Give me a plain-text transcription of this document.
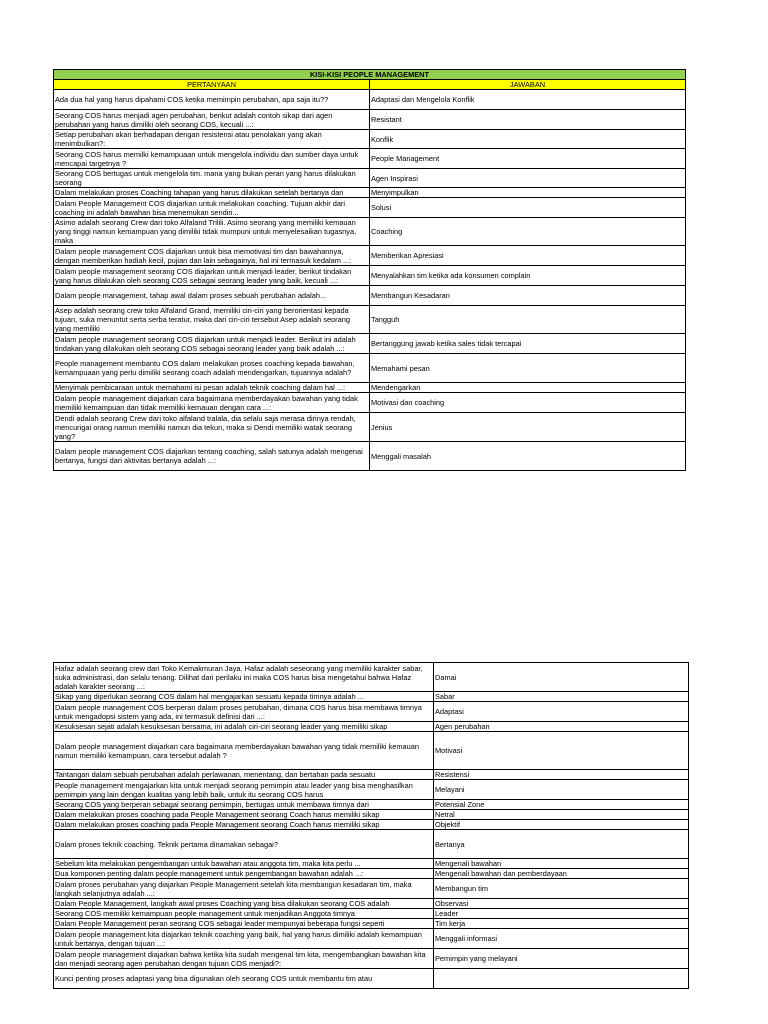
KISI-KISI PEOPLE MANAGEMENT	
PERTANYAAN	JAWABAN
Ada dua hal yang harus dipahami COS ketika memimpin perubahan, apa saja itu??	Adaptasi dan Mengelola Konflik
Seorang COS harus menjadi agen perubahan, berikut adalah contoh sikap dari agen perubahan yang harus dimiliki oleh seorang COS, kecuali ...:	Resistant
Setiap perubahan akan berhadapan dengan resistensi atau penolakan yang akan menimbulkan?:	Konflik
Seorang COS harus memilki kemampuaan untuk mengelola individu dan sumber daya untuk mencapai targetnya ?	People Management
Seorang COS bertugas untuk mengelola tim. mana yang bukan peran yang harus dilakukan seorang	Agen Inspirasi
Dalam melakukan proses Coaching tahapan yang harus dilakukan setelah bertanya dan	Menyimpulkan
Dalam People Management COS diajarkan untuk melakukan coaching. Tujuan akhir dari coaching ini adalah bawahan bisa menemukan sendiri...	Solusi
Asimo adalah seorang Crew dari toko Alfaland Trilili. Asimo seorang yang memiliki kemauan yang tinggi namun kemampuan yang dimiliki tidak mumpuni untuk menyelesaikan tugasnya, maka	Coaching
Dalam people management COS diajarkan untuk bisa memotivasi tim dan bawahannya, dengan memberikan hadiah kecil, pujian dan lain sebagainya, hal ini termasuk kedalam ...:	Memberikan Apresiasi
Dalam people management seorang COS diajarkan untuk menjadi leader, berikut tindakan yang harus dilakukan oleh seorang COS sebagai seorang leader yang baik, kecuali ...:	Menyalahkan tim ketika ada konsumen complain
Dalam people management, tahap awal dalam proses sebuah perubahan adalah...	Membangun Kesadaran
Asep adalah seorang crew toko Alfaland Grand, memiliki ciri-ciri yang berorientasi kepada tujuan, suka menuntut serta serba teratur, maka dari ciri-ciri tersebut Asep adalah seorang yang memiliki	Tangguh
Dalam people management seorang COS diajarkan untuk menjadi leader. Berikut ini adalah tindakan yang dilakukan oleh seorang COS sebagai seorang leader yang baik adalah ...:	Bertanggung jawab ketika sales tidak tercapai
People management membantu COS dalam melakukan proses coaching kepada bawahan, kemampuaan yang perlu dimiliki seorang coach adalah mendengarkan, tujuannya adalah?	Memahami pesan
Menyimak pembicaraan untuk memahami isi pesan adalah teknik coaching dalam hal ...:	Mendengarkan
Dalam people management diajarkan cara bagaimana memberdayakan bawahan yang tidak memiliki kemampuan dan tidak memiliki kemauan dengan cara ...:	Motivasi dan coaching
Dendi adalah seorang Crew dari toko alfaland tralala, dia selalu saja merasa dirinya rendah, mencurigai orang namun memiliki namun dia tekun, maka si Dendi memiliki watak seorang yang?	Jenius
Dalam people management COS diajarkan tentang coaching, salah satunya adalah mengenai bertanya, fungsi dari aktivitas bertanya adalah ...:	Menggali masalah
Hafaz adalah seorang crew dari Toko Kemakmuran Jaya. Hafaz adalah seseorang yang memiliki karakter sabar, suka administrasi, dan selalu tenang. Dilihat dari perilaku ini maka COS harus bisa mengetahui bahwa Hafaz adalah karakter seorang ...:	Damai
Sikap yang diperlukan seorang COS dalam hal mengajarkan sesuatu kepada timnya adalah ...	Sabar
Dalam people management COS berperan dalam proses perubahan, dimana COS harus bisa membawa timnya untuk mengadopsi sistem yang ada, ini termasuk definisi dari ...:	Adaptasi
Kesuksesan sejati adalah kesuksesan bersama, ini adalah ciri-ciri seorang leader yang memiliki sikap	Agen perubahan
Dalam people management diajarkan cara bagaimana memberdayakan bawahan yang tidak memiliki kemauan namun memiliki kemampuan, cara tersebut adalah ?	Motivasi
Tantangan dalam sebuah perubahan adalah perlawanan, menentang, dan bertahan pada sesuatu	Resistensi
People management mengajarkan kita untuk menjadi seorang pemimpin atau leader yang bisa menghasilkan pemimpin yang lain dengan kualitas yang lebih baik, untuk itu seorang COS harus	Melayani
Seorang COS yang berperan sebagai seorang pemimpin, bertugas untuk membawa timnya dari	Potensial Zone
Dalam melakukan proses coaching pada People Management seorang Coach harus memiliki sikap	Netral
Dalam melakukan proses coaching pada People Management seorang Coach harus memiliki sikap	Objektif
Dalam proses teknik coaching. Teknik pertama dinamakan sebagai?	Bertanya
Sebelum kita melakukan pengembangan untuk bawahan atau anggota tim, maka kita perlu ...	Mengenali bawahan
Dua komponen penting dalam people management untuk pengembangan bawahan adalah ...:	Mengenali bawahan dan pemberdayaan
Dalam proses perubahan yang diajarkan People Management setelah kita membangun kesadaran tim, maka langkah selanjutnya adalah ...:	Membangun tim
Dalam People Management, langkah awal proses Coaching yang bisa dilakukan seorang COS adalah	Observasi
Seorang COS memiliki kemampuan people management untuk menjadikan Anggota timnya	Leader
Dalam People Management peran seorang COS sebagai leader mempunyai beberapa fungsi seperti	Tim kerja
Dalam people management kita diajarkan teknik coaching yang baik, hal yang harus dimiliki adalah kemampuan untuk bertanya, dengan tujuan ...:	Menggali informasi
Dalam people management diajarkan bahwa ketika kita sudah mengenal tim kita, mengembangkan bawahan kita dan menjadi seorang agen perubahan dengan tujuan COS menjadi?:	Pemimpin yang melayani
Kunci penting proses adaptasi yang bisa digunakan oleh seorang COS untuk membantu tim atau	
